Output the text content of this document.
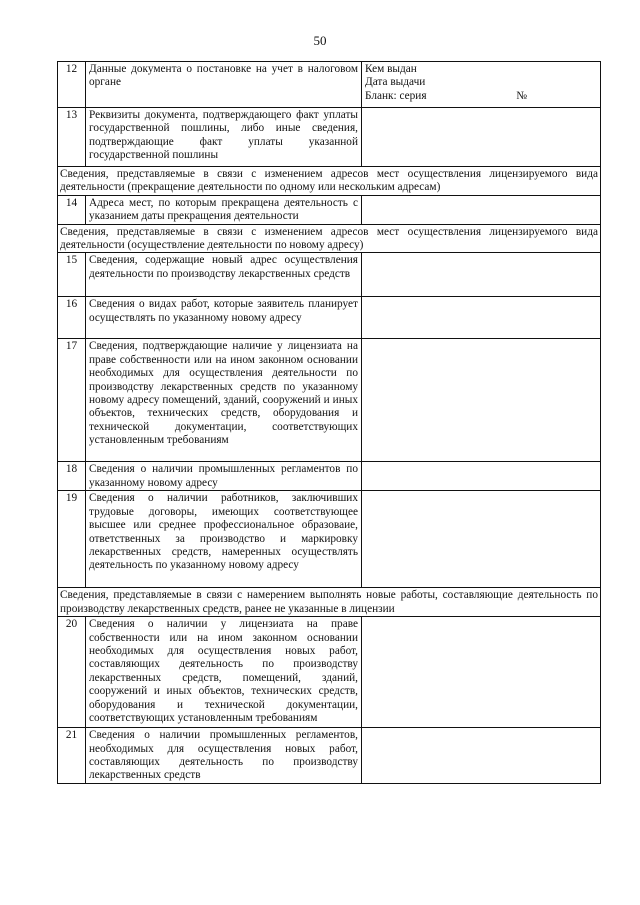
50
12	Данные документа о постановке на учет в налоговом органе	Кем выдан
Дата выдачи
Бланк: серия №

13	Реквизиты документа, подтверждающего факт уплаты государственной пошлины, либо иные сведения, подтверждающие факт уплаты указанной государственной пошлины	
Сведения, представляемые в связи с изменением адресов мест осуществления лицензируемого вида деятельности (прекращение деятельности по одному или нескольким адресам)		
14	Адреса мест, по которым прекращена деятельность с указанием даты прекращения деятельности	
Сведения, представляемые в связи с изменением адресов мест осуществления лицензируемого вида деятельности (осуществление деятельности по новому адресу)		
15	Сведения, содержащие новый адрес осуществления деятельности по производству лекарственных средств	
16	Сведения о видах работ, которые заявитель планирует осуществлять по указанному новому адресу	
17	Сведения, подтверждающие наличие у лицензиата на праве собственности или на ином законном основании необходимых для осуществления деятельности по производству лекарственных средств по указанному новому адресу помещений, зданий, сооружений и иных объектов, технических средств, оборудования и технической документации, соответствующих установленным требованиям	
18	Сведения о наличии промышленных регламентов по указанному новому адресу	
19	Сведения о наличии работников, заключивших трудовые договоры, имеющих соответствующее высшее или среднее профессиональное образоваие, ответственных за производство и маркировку лекарственных средств, намеренных осуществлять деятельность по указанному новому адресу	
Сведения, представляемые в связи с намерением выполнять новые работы, составляющие деятельность по производству лекарственных средств, ранее не указанные в лицензии		
20	Сведения о наличии у лицензиата на праве собственности или на ином законном основании необходимых для осуществления новых работ, составляющих деятельность по производству лекарственных средств, помещений, зданий, сооружений и иных объектов, технических средств, оборудования и технической документации, соответствующих установленным требованиям	
21	Сведения о наличии промышленных регламентов, необходимых для осуществления новых работ, составляющих деятельность по производству лекарственных средств	
